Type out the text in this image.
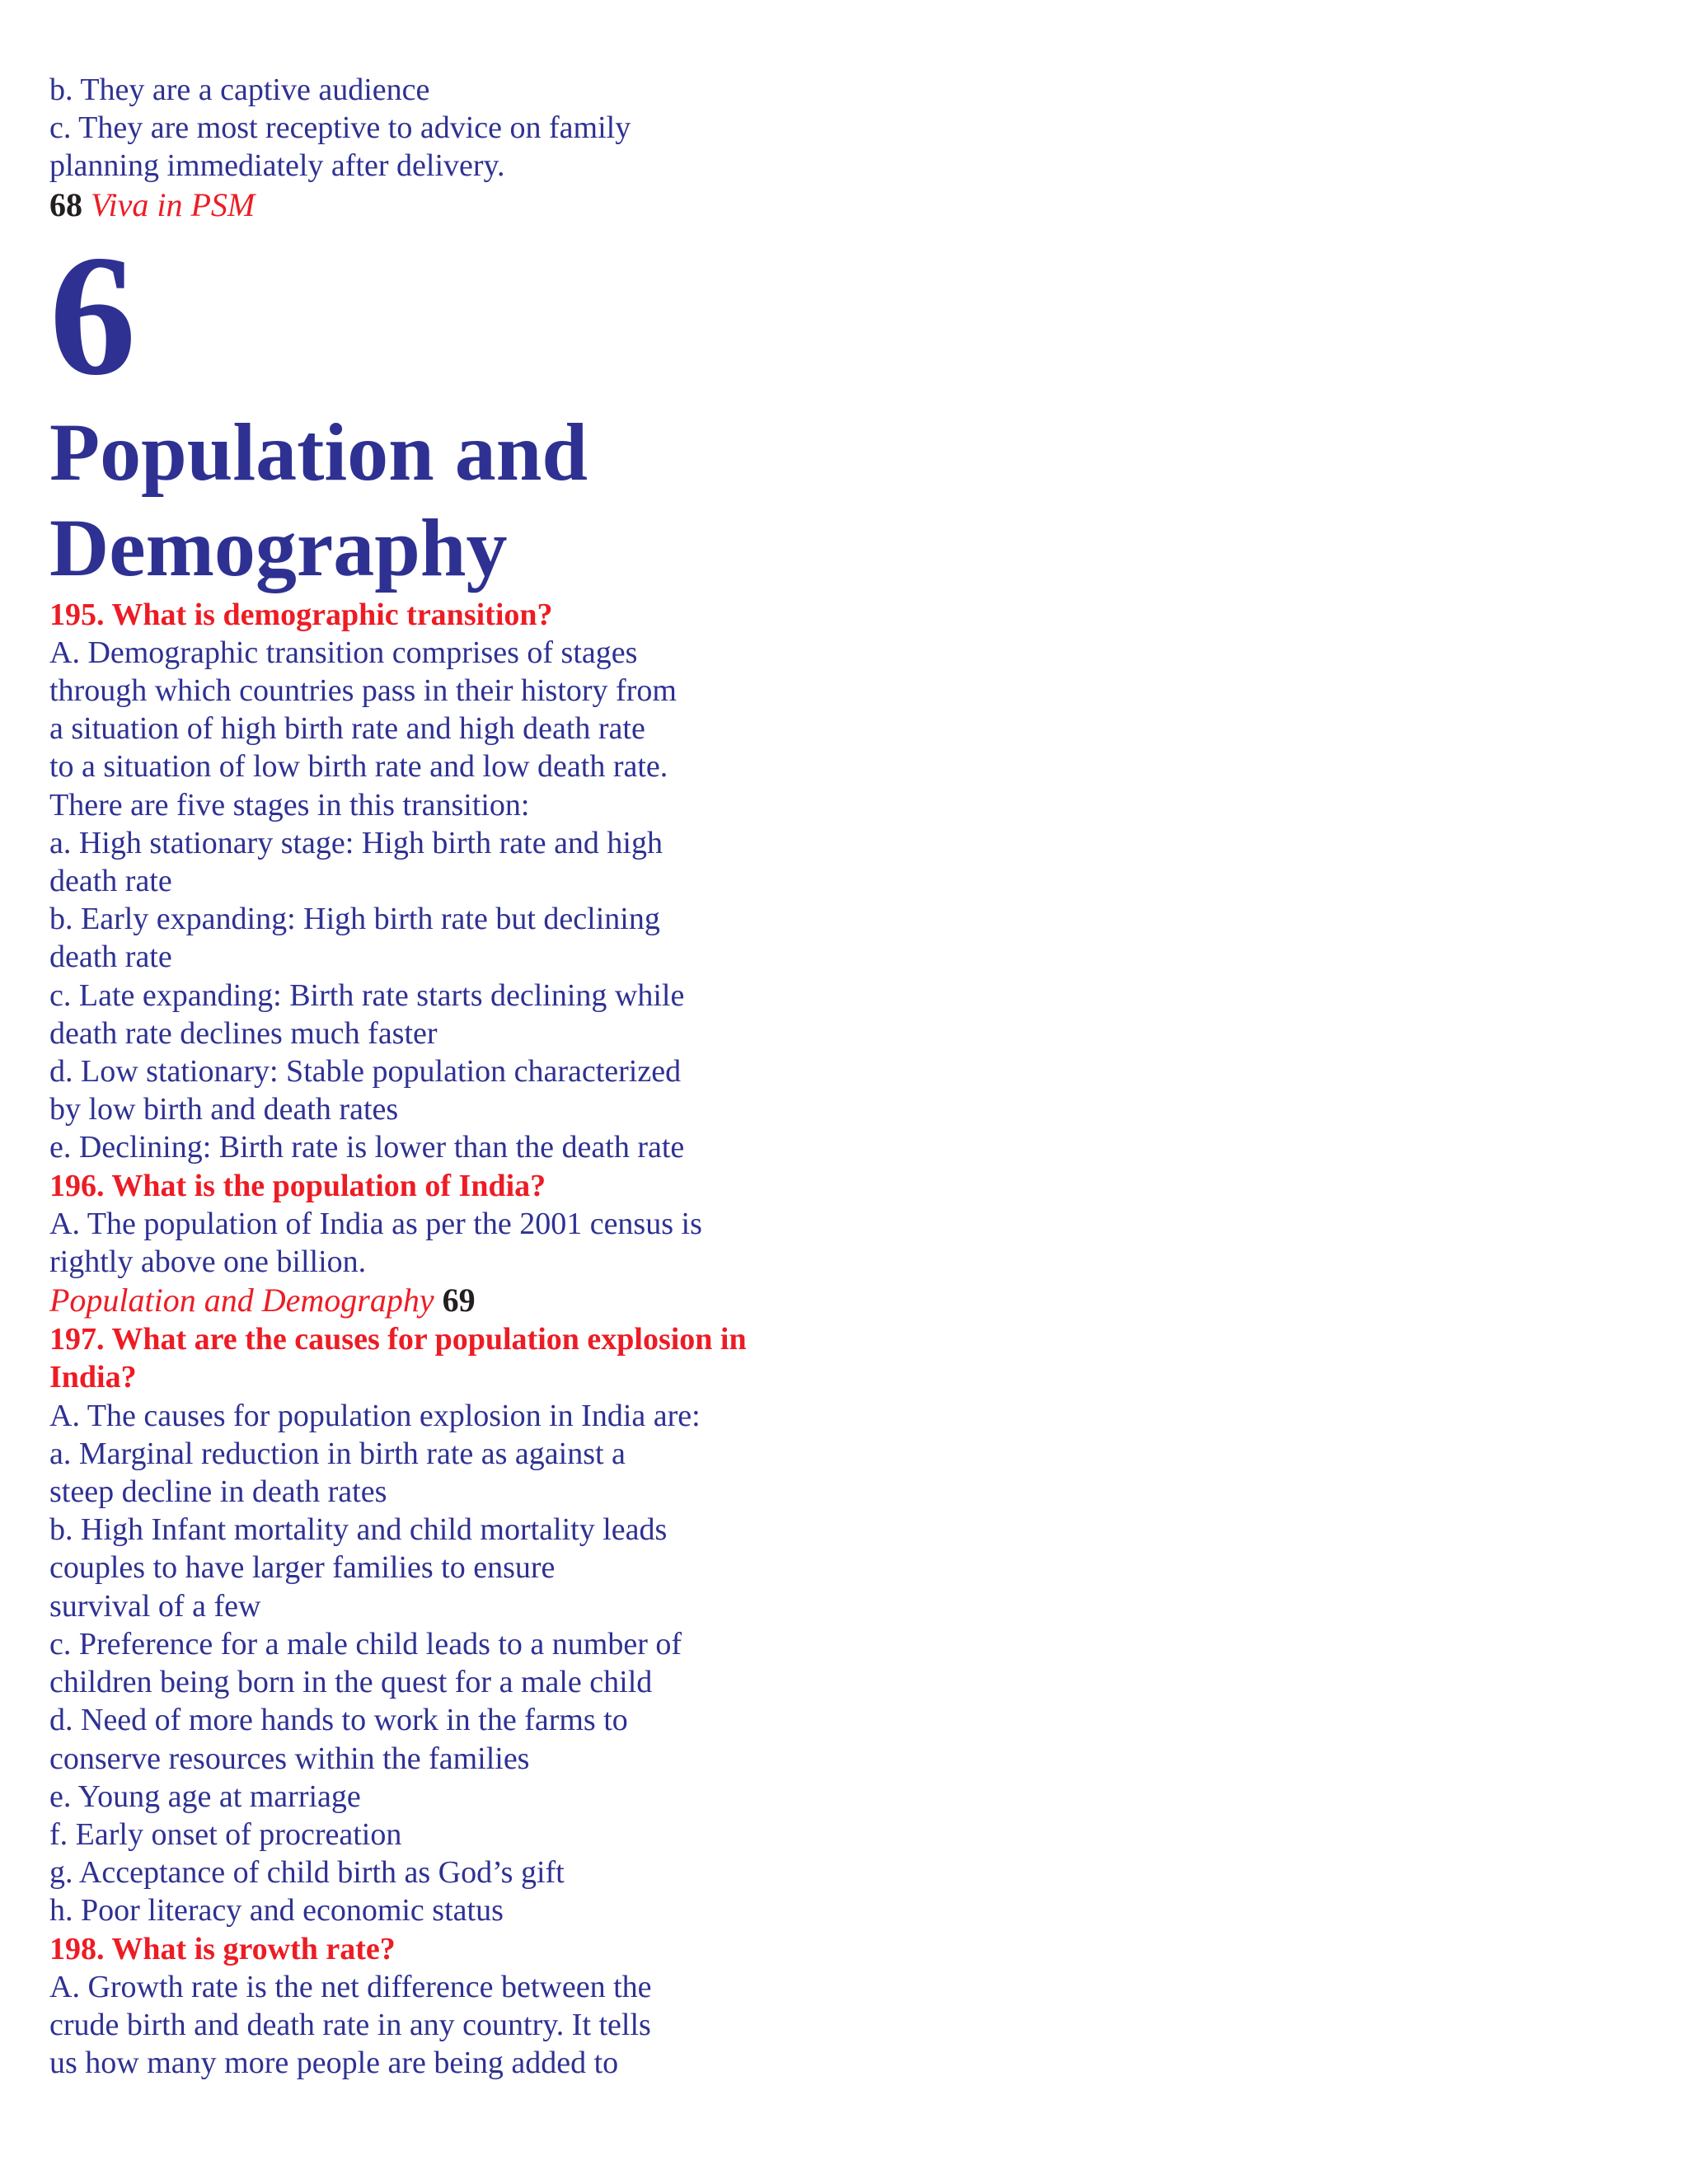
b. They are a captive audience
c. They are most receptive to advice on family
planning immediately after delivery.
68 Viva in PSM
6
Population and
Demography
195. What is demographic transition?
A. Demographic transition comprises of stages
through which countries pass in their history from
a situation of high birth rate and high death rate
to a situation of low birth rate and low death rate.
There are five stages in this transition:
a. High stationary stage: High birth rate and high
death rate
b. Early expanding: High birth rate but declining
death rate
c. Late expanding: Birth rate starts declining while
death rate declines much faster
d. Low stationary: Stable population characterized
by low birth and death rates
e. Declining: Birth rate is lower than the death rate
196. What is the population of India?
A. The population of India as per the 2001 census is
rightly above one billion.
Population and Demography 69
197. What are the causes for population explosion in
India?
A. The causes for population explosion in India are:
a. Marginal reduction in birth rate as against a
steep decline in death rates
b. High Infant mortality and child mortality leads
couples to have larger families to ensure
survival of a few
c. Preference for a male child leads to a number of
children being born in the quest for a male child
d. Need of more hands to work in the farms to
conserve resources within the families
e. Young age at marriage
f. Early onset of procreation
g. Acceptance of child birth as God’s gift
h. Poor literacy and economic status
198. What is growth rate?
A. Growth rate is the net difference between the
crude birth and death rate in any country. It tells
us how many more people are being added to
